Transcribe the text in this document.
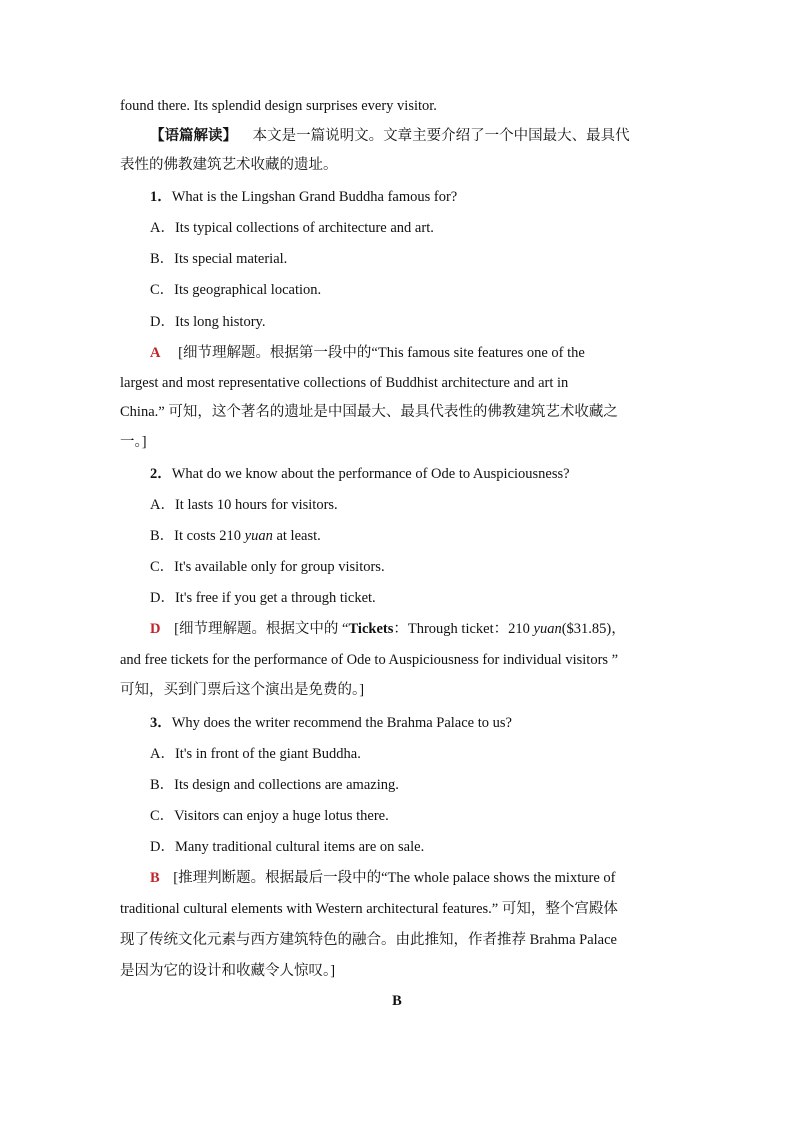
found there. Its splendid design surprises every visitor.
【语篇解读】 本文是一篇说明文。文章主要介绍了一个中国最大、最具代
表性的佛教建筑艺术收藏的遗址。
1．What is the Lingshan Grand Buddha famous for?
A．Its typical collections of architecture and art.
B．Its special material.
C．Its geographical location.
D．Its long history.
A [细节理解题。根据第一段中的“This famous site features one of the
largest and most representative collections of Buddhist architecture and art in
China.” 可知，这个著名的遗址是中国最大、最具代表性的佛教建筑艺术收藏之
一。]
2．What do we know about the performance of Ode to Auspiciousness?
A．It lasts 10 hours for visitors.
B．It costs 210 yuan at least.
C．It's available only for group visitors.
D．It's free if you get a through ticket.
D [细节理解题。根据文中的 “Tickets：Through ticket：210 yuan($31.85)，
and free tickets for the performance of Ode to Auspiciousness for individual visitors ”
可知，买到门票后这个演出是免费的。]
3．Why does the writer recommend the Brahma Palace to us?
A．It's in front of the giant Buddha.
B．Its design and collections are amazing.
C．Visitors can enjoy a huge lotus there.
D．Many traditional cultural items are on sale.
B [推理判断题。根据最后一段中的“The whole palace shows the mixture of
traditional cultural elements with Western architectural features.” 可知，整个宫殿体
现了传统文化元素与西方建筑特色的融合。由此推知，作者推荐 Brahma Palace
是因为它的设计和收藏令人惊叹。]
B
